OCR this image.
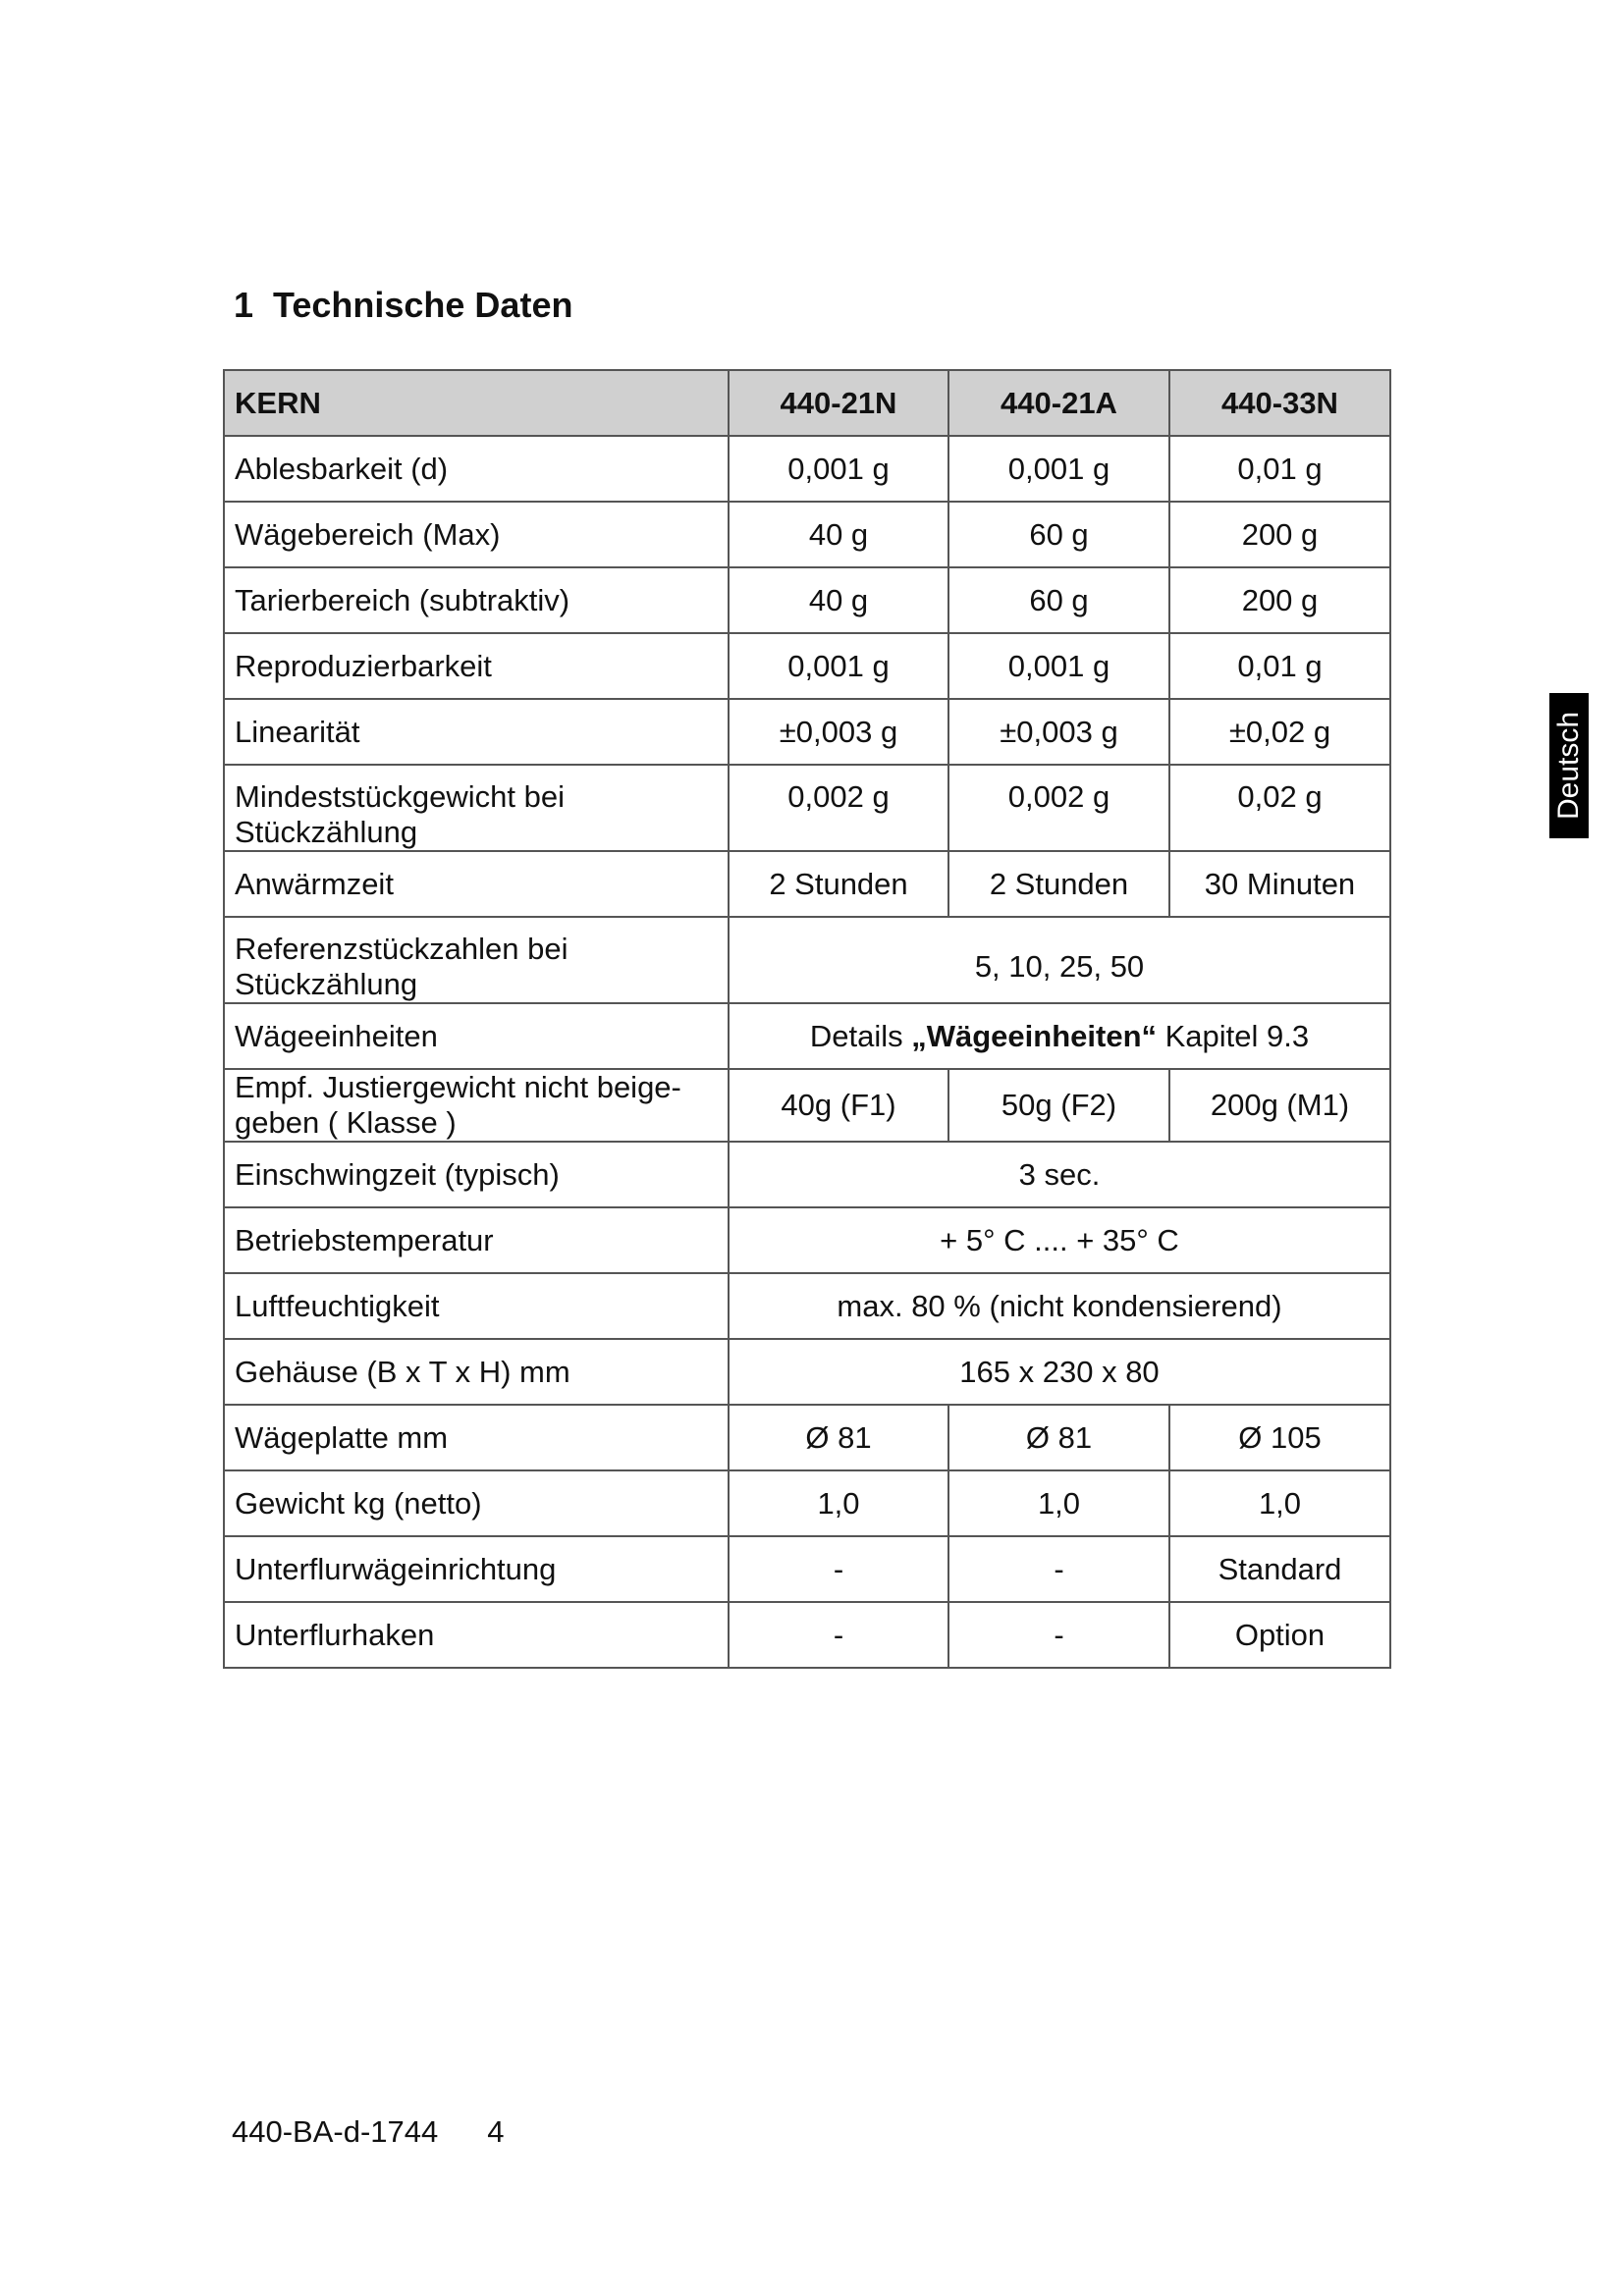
1 Technische Daten
Deutsch
KERN	440-21N	440-21A	440-33N
Ablesbarkeit (d)	0,001 g	0,001 g	0,01 g
Wägebereich (Max)	40 g	60 g	200 g
Tarierbereich (subtraktiv)	40 g	60 g	200 g
Reproduzierbarkeit	0,001 g	0,001 g	0,01 g
Linearität	±0,003 g	±0,003 g	±0,02 g
Mindeststückgewicht bei
Stückzählung	0,002 g	0,002 g	0,02 g
Anwärmzeit	2 Stunden	2 Stunden	30 Minuten
Referenzstückzahlen bei
Stückzählung	5, 10, 25, 50		
Wägeeinheiten	Details „Wägeeinheiten“ Kapitel 9.3		
Empf. Justiergewicht nicht beige-
geben ( Klasse )	40g (F1)	50g (F2)	200g (M1)
Einschwingzeit (typisch)	3 sec.		
Betriebstemperatur	+ 5° C .... + 35° C		
Luftfeuchtigkeit	max. 80 % (nicht kondensierend)		
Gehäuse (B x T x H) mm	165 x 230 x 80		
Wägeplatte mm	Ø 81	Ø 81	Ø 105
Gewicht kg (netto)	1,0	1,0	1,0
Unterflurwägeinrichtung	-	-	Standard
Unterflurhaken	-	-	Option
440-BA-d-1744 4
